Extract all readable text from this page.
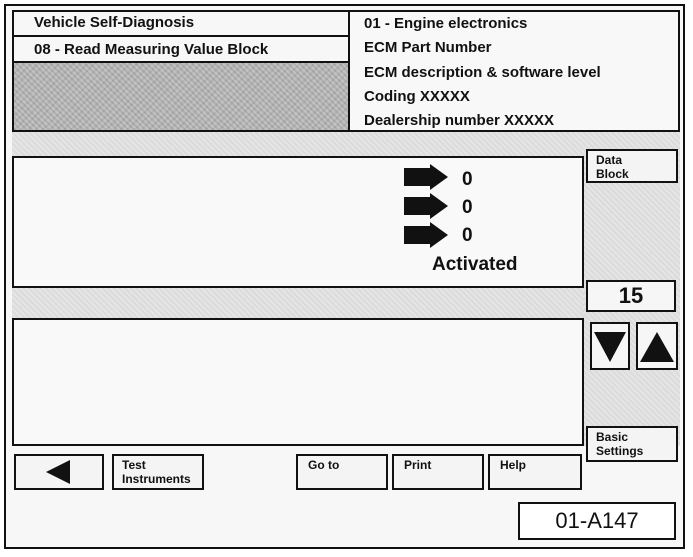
Vehicle Self-Diagnosis
08 - Read Measuring Value Block
01 - Engine electronics
ECM Part Number
ECM description & software level
Coding XXXXX
Dealership number XXXXX
0
0
0
Activated
Data Block
15
Basic Settings
Test Instruments
Go to	Print	Help
01-A147
